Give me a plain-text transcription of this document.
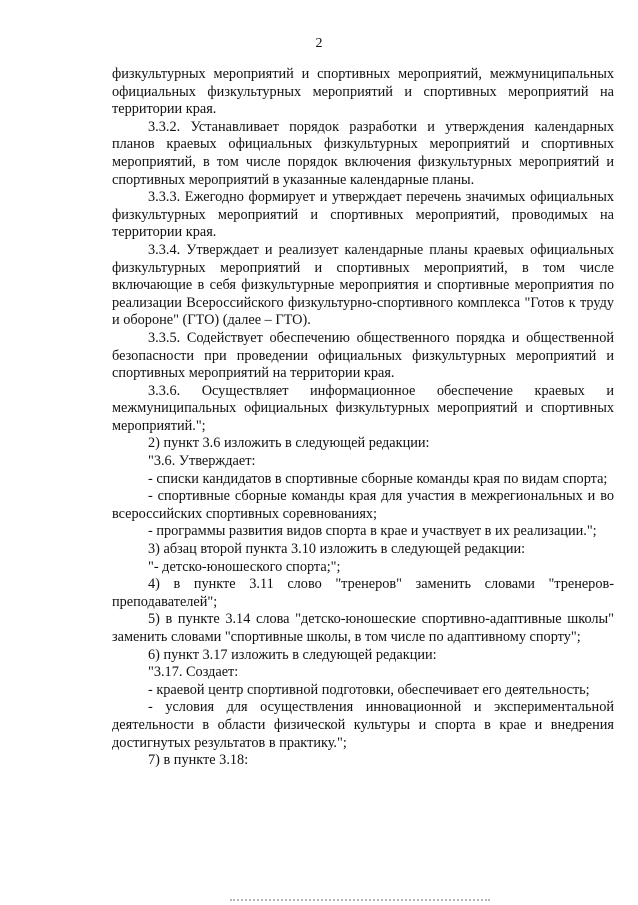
2

физкультурных мероприятий и спортивных мероприятий, межмуниципальных официальных физкультурных мероприятий и спортивных мероприятий на территории края.

3.3.2. Устанавливает порядок разработки и утверждения календарных планов краевых официальных физкультурных мероприятий и спортивных мероприятий, в том числе порядок включения физкультурных мероприятий и спортивных мероприятий в указанные календарные планы.

3.3.3. Ежегодно формирует и утверждает перечень значимых официальных физкультурных мероприятий и спортивных мероприятий, проводимых на территории края.

3.3.4. Утверждает и реализует календарные планы краевых официальных физкультурных мероприятий и спортивных мероприятий, в том числе включающие в себя физкультурные мероприятия и спортивные мероприятия по реализации Всероссийского физкультурно-спортивного комплекса "Готов к труду и обороне" (ГТО) (далее – ГТО).

3.3.5. Содействует обеспечению общественного порядка и общественной безопасности при проведении официальных физкультурных мероприятий и спортивных мероприятий на территории края.

3.3.6. Осуществляет информационное обеспечение краевых и межмуниципальных официальных физкультурных мероприятий и спортивных мероприятий.";

2) пункт 3.6 изложить в следующей редакции:

"3.6. Утверждает:

- списки кандидатов в спортивные сборные команды края по видам спорта;

- спортивные сборные команды края для участия в межрегиональных и во всероссийских спортивных соревнованиях;

- программы развития видов спорта в крае и участвует в их реализации.";

3) абзац второй пункта 3.10 изложить в следующей редакции:

"- детско-юношеского спорта;";

4) в пункте 3.11 слово "тренеров" заменить словами "тренеров-преподавателей";

5) в пункте 3.14 слова "детско-юношеские спортивно-адаптивные школы" заменить словами "спортивные школы, в том числе по адаптивному спорту";

6) пункт 3.17 изложить в следующей редакции:

"3.17. Создает:

- краевой центр спортивной подготовки, обеспечивает его деятельность;

- условия для осуществления инновационной и экспериментальной деятельности в области физической культуры и спорта в крае и внедрения достигнутых результатов в практику.";

7) в пункте 3.18:
